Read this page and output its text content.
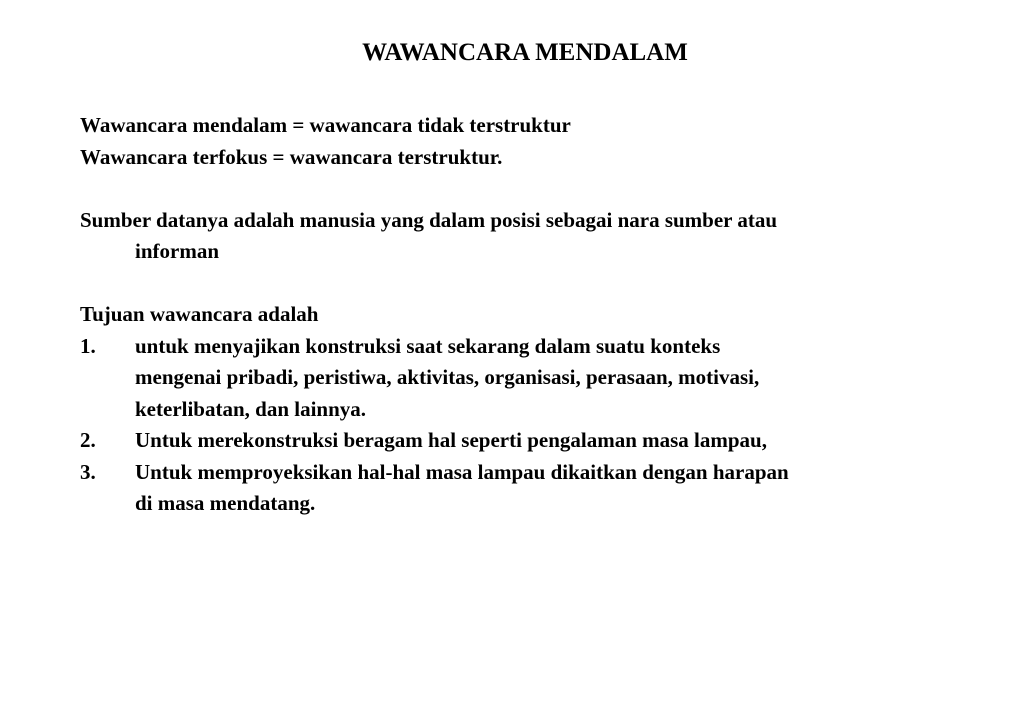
WAWANCARA MENDALAM
Wawancara mendalam = wawancara tidak terstruktur
Wawancara terfokus = wawancara terstruktur.
Sumber datanya adalah manusia yang dalam posisi sebagai nara sumber atau
informan
Tujuan wawancara adalah
1.	untuk menyajikan konstruksi saat sekarang dalam suatu konteks
mengenai pribadi, peristiwa, aktivitas, organisasi, perasaan, motivasi,
keterlibatan, dan lainnya.
2.	Untuk merekonstruksi beragam hal seperti pengalaman masa lampau,
3.	Untuk memproyeksikan hal-hal masa lampau dikaitkan dengan harapan
di masa mendatang.
